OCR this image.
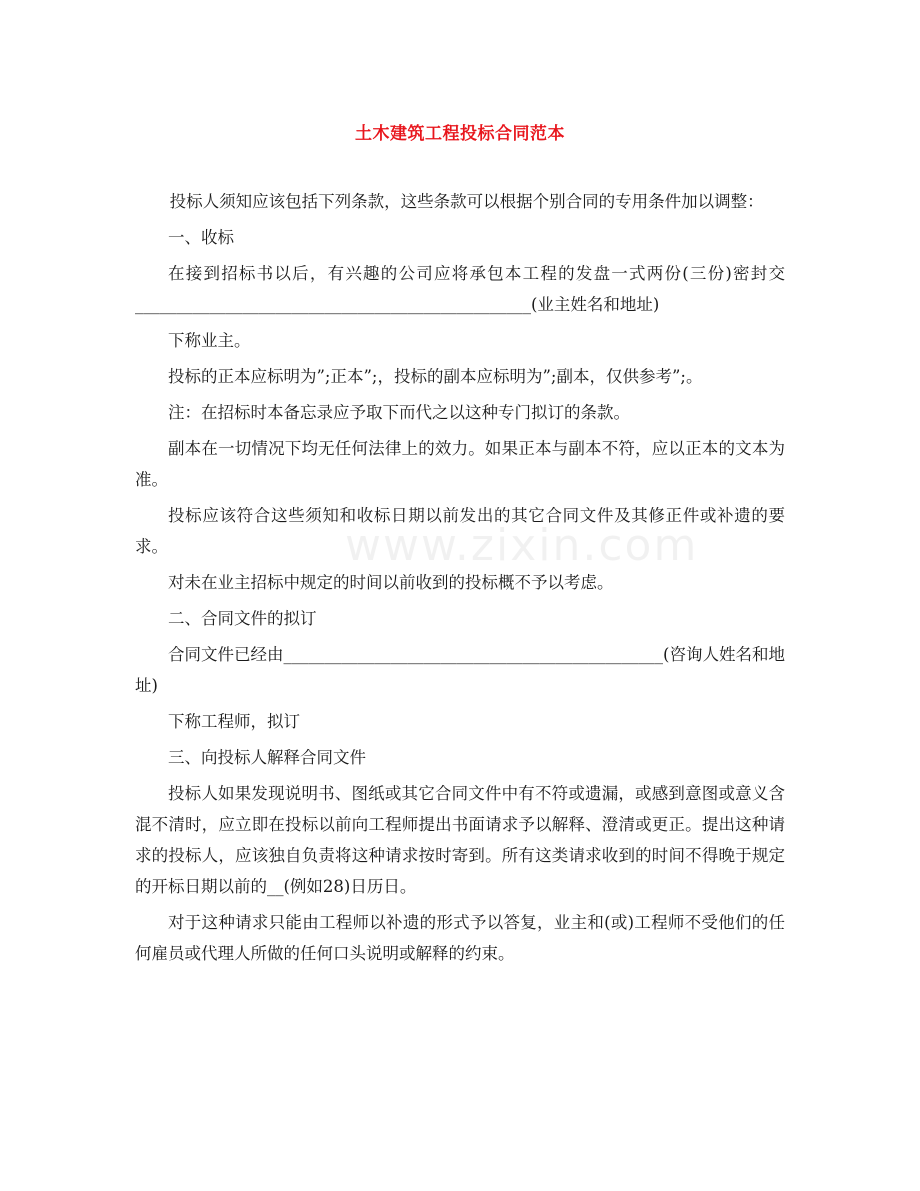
www.zixin.com
土木建筑工程投标合同范本

投标人须知应该包括下列条款，这些条款可以根据个别合同的专用条件加以调整：

一、收标

在接到招标书以后，有兴趣的公司应将承包本工程的发盘一式两份(三份)密封交________________________________________________(业主姓名和地址)

下称业主。

投标的正本应标明为”;正本”;，投标的副本应标明为”;副本，仅供参考”;。

注：在招标时本备忘录应予取下而代之以这种专门拟订的条款。

副本在一切情况下均无任何法律上的效力。如果正本与副本不符，应以正本的文本为准。

投标应该符合这些须知和收标日期以前发出的其它合同文件及其修正件或补遗的要求。

对未在业主招标中规定的时间以前收到的投标概不予以考虑。

二、合同文件的拟订

合同文件已经由______________________________________________(咨询人姓名和地址)

下称工程师，拟订

三、向投标人解释合同文件

投标人如果发现说明书、图纸或其它合同文件中有不符或遗漏，或感到意图或意义含混不清时，应立即在投标以前向工程师提出书面请求予以解释、澄清或更正。提出这种请求的投标人，应该独自负责将这种请求按时寄到。所有这类请求收到的时间不得晚于规定的开标日期以前的__(例如28)日历日。

对于这种请求只能由工程师以补遗的形式予以答复，业主和(或)工程师不受他们的任何雇员或代理人所做的任何口头说明或解释的约束。
